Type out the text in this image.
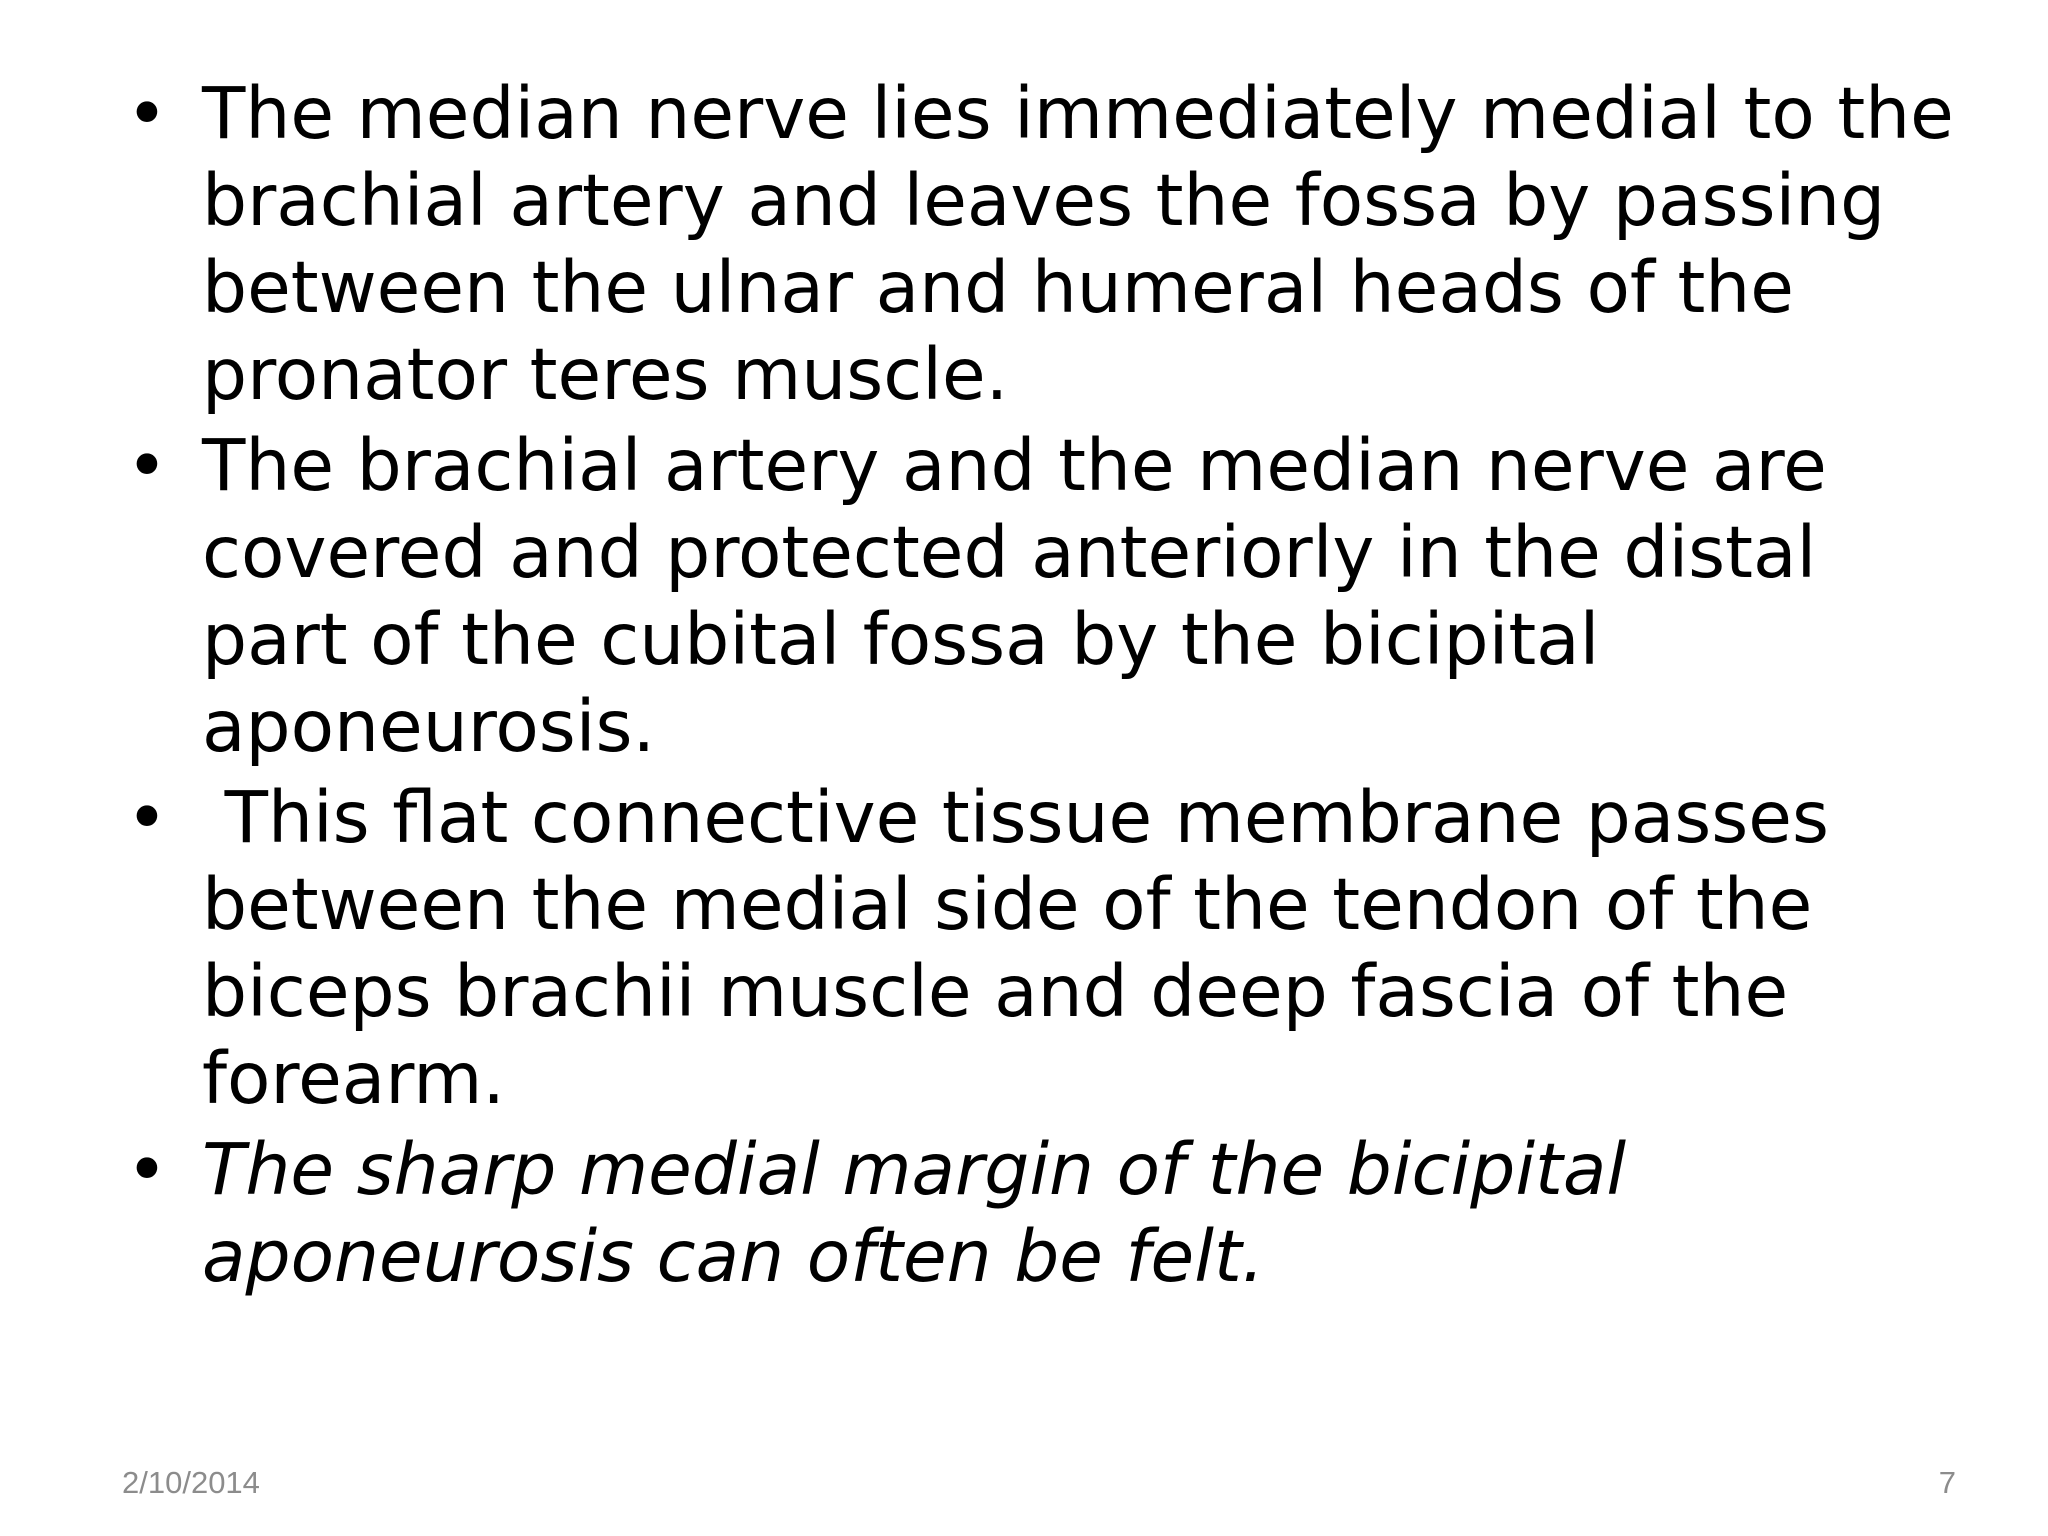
• The median nerve lies immediately medial to the brachial artery and leaves the fossa by passing between the ulnar and humeral heads of the pronator teres muscle.
• The brachial artery and the median nerve are covered and protected anteriorly in the distal part of the cubital fossa by the bicipital aponeurosis.
• This flat connective tissue membrane passes between the medial side of the tendon of the biceps brachii muscle and deep fascia of the forearm.
• The sharp medial margin of the bicipital aponeurosis can often be felt.
2/10/2014	7
